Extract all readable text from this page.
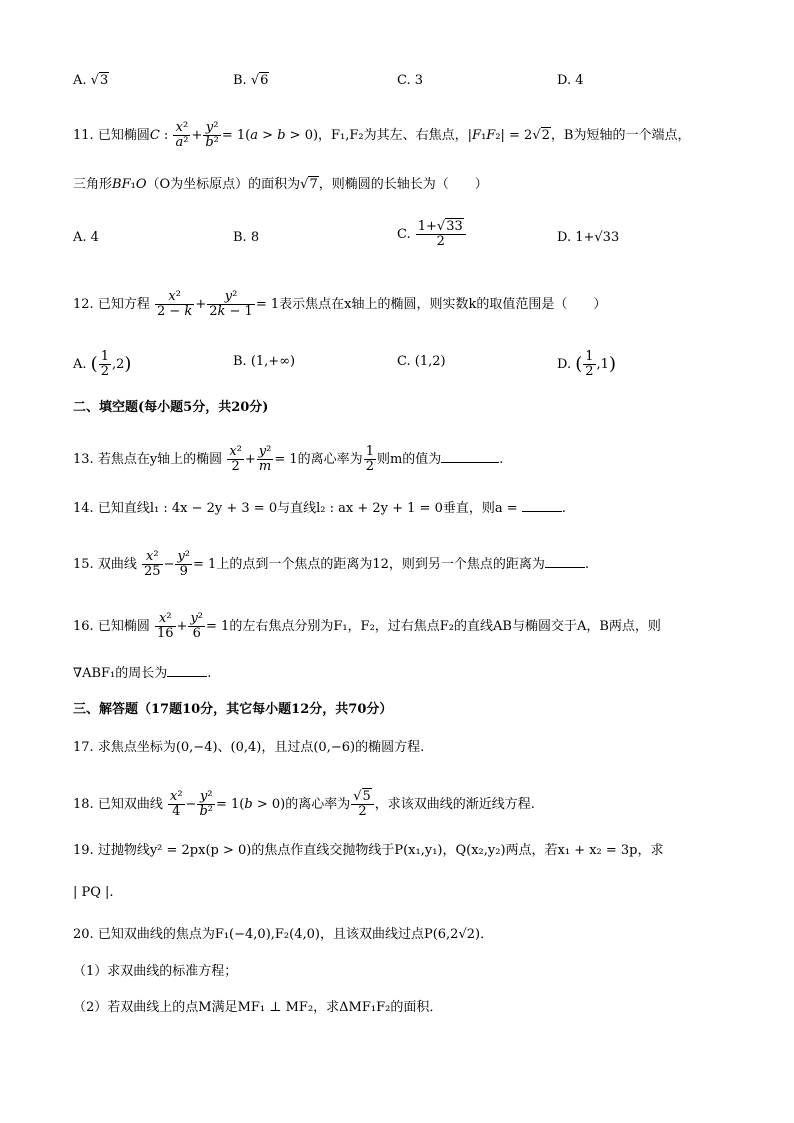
A. √3	B. √6	C. 3	D. 4
11. 已知椭圆C : $\frac{\text{x²}}{\text{a²}} + \frac{\text{y²}}{\text{b²}} = 1(a > b > 0)$，F₁,F₂为其左、右焦点，|F₁F₂| = 2√2，B为短轴的一个端点，
三角形BF₁O（O为坐标原点）的面积为√7，则椭圆的长轴长为（　　）
A. 4	B. 8	C. $\frac{1+√33}{2}$	D. 1+√33
12. 已知方程 $\frac{\text{x²}}{2 - k} + \frac{\text{y²}}{2k - 1} = 1$表示焦点在x轴上的椭圆，则实数k的取值范围是（　　）
A. ( $\frac{1}{2} ,2$)	B. (1,+∞)	C. (1,2)	D. ( $\frac{1}{2} ,1$)
二、填空题(每小题5分，共20分)
13. 若焦点在y轴上的椭圆 $\frac{\text{x²}}{2} + \frac{\text{y²}}{m} = 1$的离心率为 $\frac{1}{2}$ 则m的值为	.
14. 已知直线l₁ : 4x − 2y + 3 = 0与直线l₂ : ax + 2y + 1 = 0垂直，则a =	.
15. 双曲线 $\frac{\text{x²}}{25} - \frac{\text{y²}}{9} = 1$上的点到一个焦点的距离为12，则到另一个焦点的距离为	.
16. 已知椭圆 $\frac{\text{x²}}{16} + \frac{\text{y²}}{6} = 1$的左右焦点分别为F₁，F₂，过右焦点F₂的直线AB与椭圆交于A，B两点，则
∇ABF₁的周长为	.
三、解答题（17题10分，其它每小题12分，共70分）
17. 求焦点坐标为(0,−4)、(0,4)，且过点(0,−6)的椭圆方程.
18. 已知双曲线 $\frac{\text{x²}}{4} - \frac{\text{y²}}{\text{b²}} = 1(b > 0)$的离心率为 $\frac{√5}{2}$ ，求该双曲线的渐近线方程.
19. 过抛物线y² = 2px(p > 0)的焦点作直线交抛物线于P(x₁,y₁)，Q(x₂,y₂)两点，若x₁ + x₂ = 3p，求
| PQ |.
20. 已知双曲线的焦点为F₁(−4,0),F₂(4,0)，且该双曲线过点P(6,2√2)．
（1）求双曲线的标准方程；
（2）若双曲线上的点M满足MF₁ ⊥ MF₂，求ΔMF₁F₂的面积．
